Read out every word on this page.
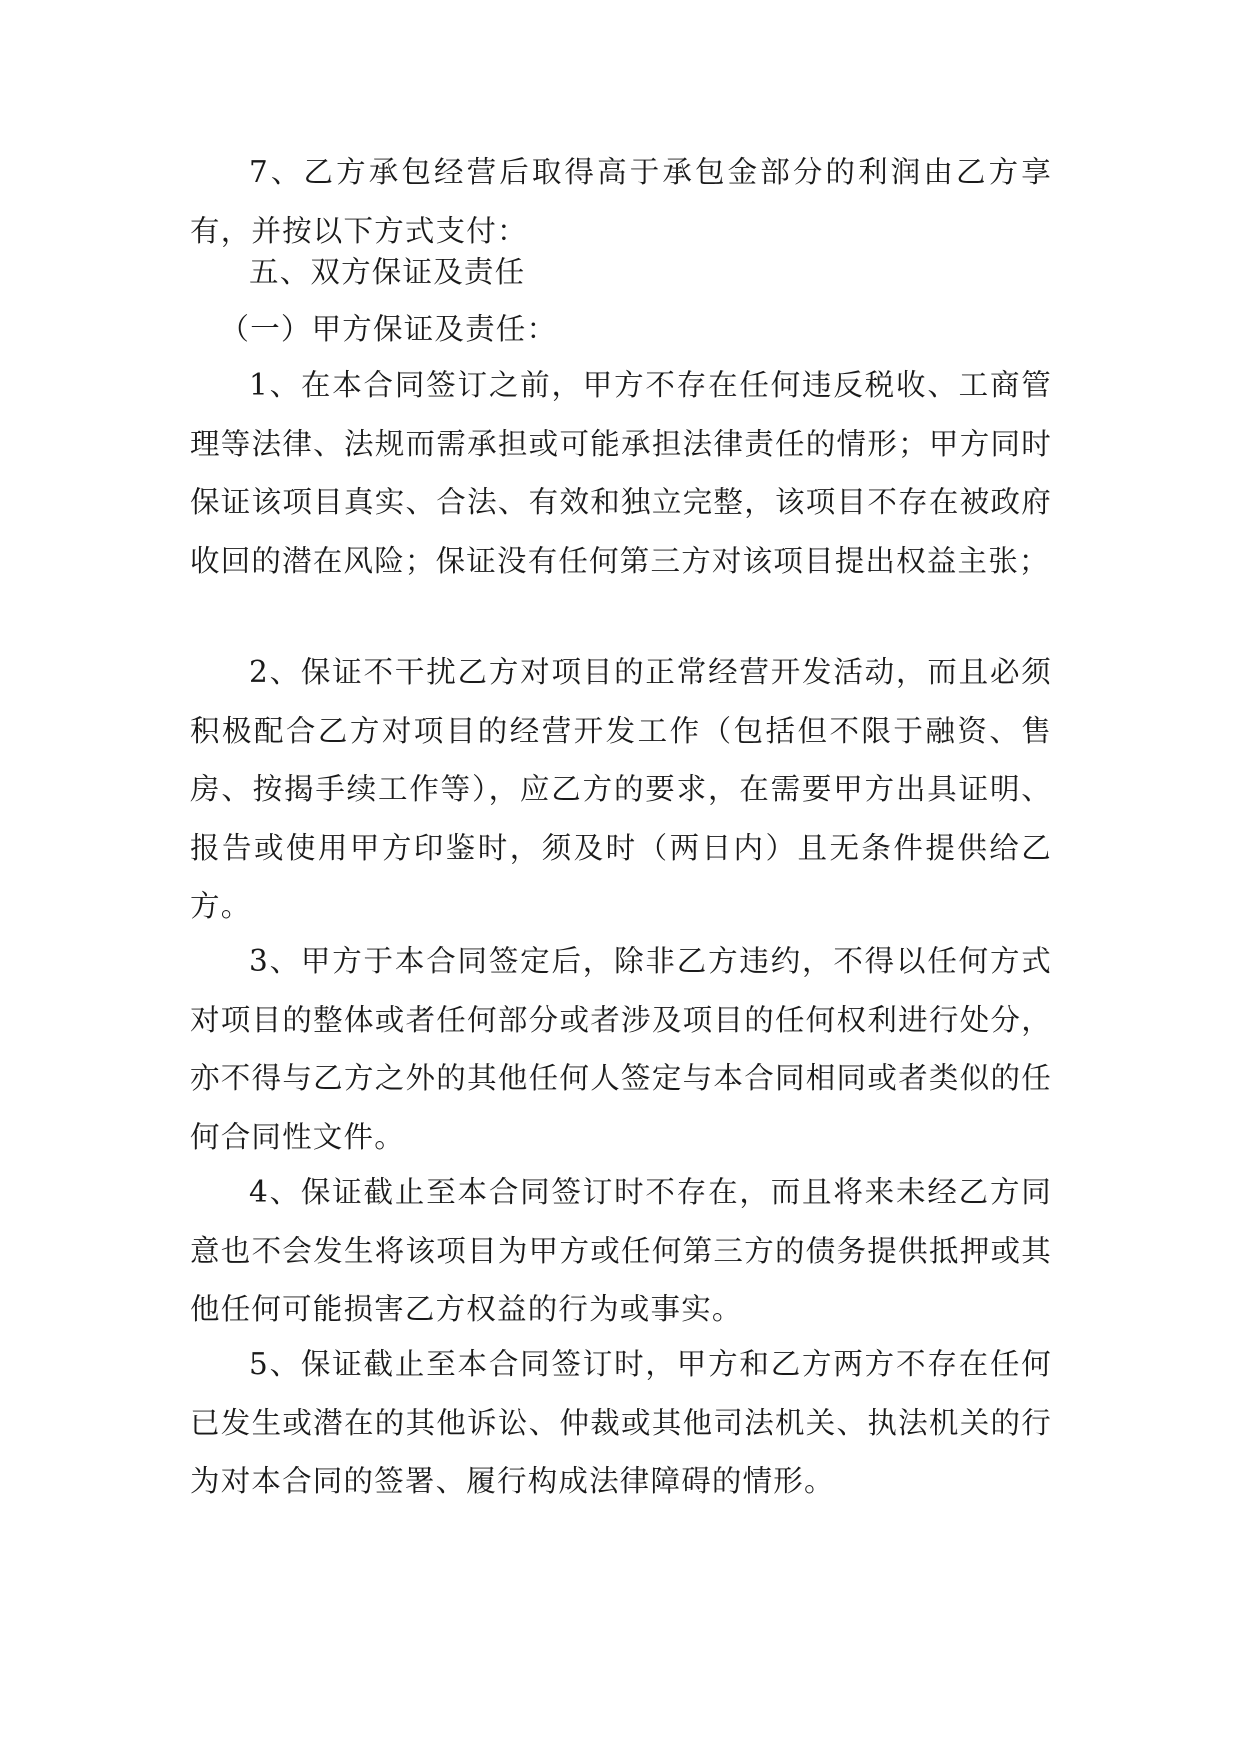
7、乙方承包经营后取得高于承包金部分的利润由乙方享有，并按以下方式支付：

五、双方保证及责任

（一）甲方保证及责任：

1、在本合同签订之前，甲方不存在任何违反税收、工商管理等法律、法规而需承担或可能承担法律责任的情形；甲方同时保证该项目真实、合法、有效和独立完整，该项目不存在被政府收回的潜在风险；保证没有任何第三方对该项目提出权益主张；

2、保证不干扰乙方对项目的正常经营开发活动，而且必须积极配合乙方对项目的经营开发工作（包括但不限于融资、售房、按揭手续工作等），应乙方的要求，在需要甲方出具证明、报告或使用甲方印鉴时，须及时（两日内）且无条件提供给乙方。

3、甲方于本合同签定后，除非乙方违约，不得以任何方式对项目的整体或者任何部分或者涉及项目的任何权利进行处分，亦不得与乙方之外的其他任何人签定与本合同相同或者类似的任何合同性文件。

4、保证截止至本合同签订时不存在，而且将来未经乙方同意也不会发生将该项目为甲方或任何第三方的债务提供抵押或其他任何可能损害乙方权益的行为或事实。

5、保证截止至本合同签订时，甲方和乙方两方不存在任何已发生或潜在的其他诉讼、仲裁或其他司法机关、执法机关的行为对本合同的签署、履行构成法律障碍的情形。
